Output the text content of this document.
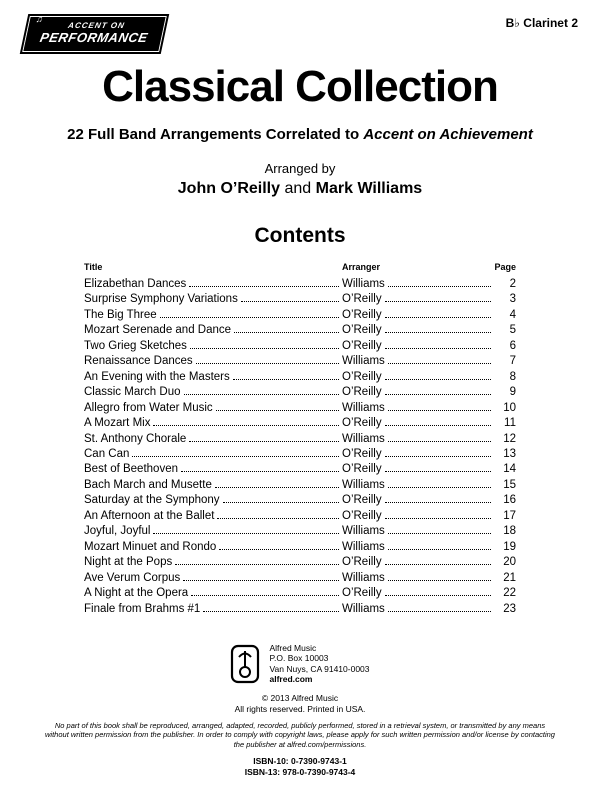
♫
ACCENT ON
PERFORMANCE
B♭ Clarinet 2
Classical Collection
22 Full Band Arrangements Correlated to Accent on Achievement
Arranged by
John O’Reilly and Mark Williams
Contents
Title	Arranger	Page
Elizabethan Dances	Williams	2
Surprise Symphony Variations	O’Reilly	3
The Big Three	O’Reilly	4
Mozart Serenade and Dance	O’Reilly	5
Two Grieg Sketches	O’Reilly	6
Renaissance Dances	Williams	7
An Evening with the Masters	O’Reilly	8
Classic March Duo	O’Reilly	9
Allegro from Water Music	Williams	10
A Mozart Mix	O’Reilly	11
St. Anthony Chorale	Williams	12
Can Can	O’Reilly	13
Best of Beethoven	O’Reilly	14
Bach March and Musette	Williams	15
Saturday at the Symphony	O’Reilly	16
An Afternoon at the Ballet	O’Reilly	17
Joyful, Joyful	Williams	18
Mozart Minuet and Rondo	Williams	19
Night at the Pops	O’Reilly	20
Ave Verum Corpus	Williams	21
A Night at the Opera	O’Reilly	22
Finale from Brahms #1	Williams	23
Alfred Music
P.O. Box 10003
Van Nuys, CA 91410-0003
alfred.com
© 2013 Alfred Music
All rights reserved. Printed in USA.
No part of this book shall be reproduced, arranged, adapted, recorded, publicly performed, stored in a retrieval system, or transmitted by any means without written permission from the publisher. In order to comply with copyright laws, please apply for such written permission and/or license by contacting the publisher at alfred.com/permissions.
ISBN-10: 0-7390-9743-1
ISBN-13: 978-0-7390-9743-4
